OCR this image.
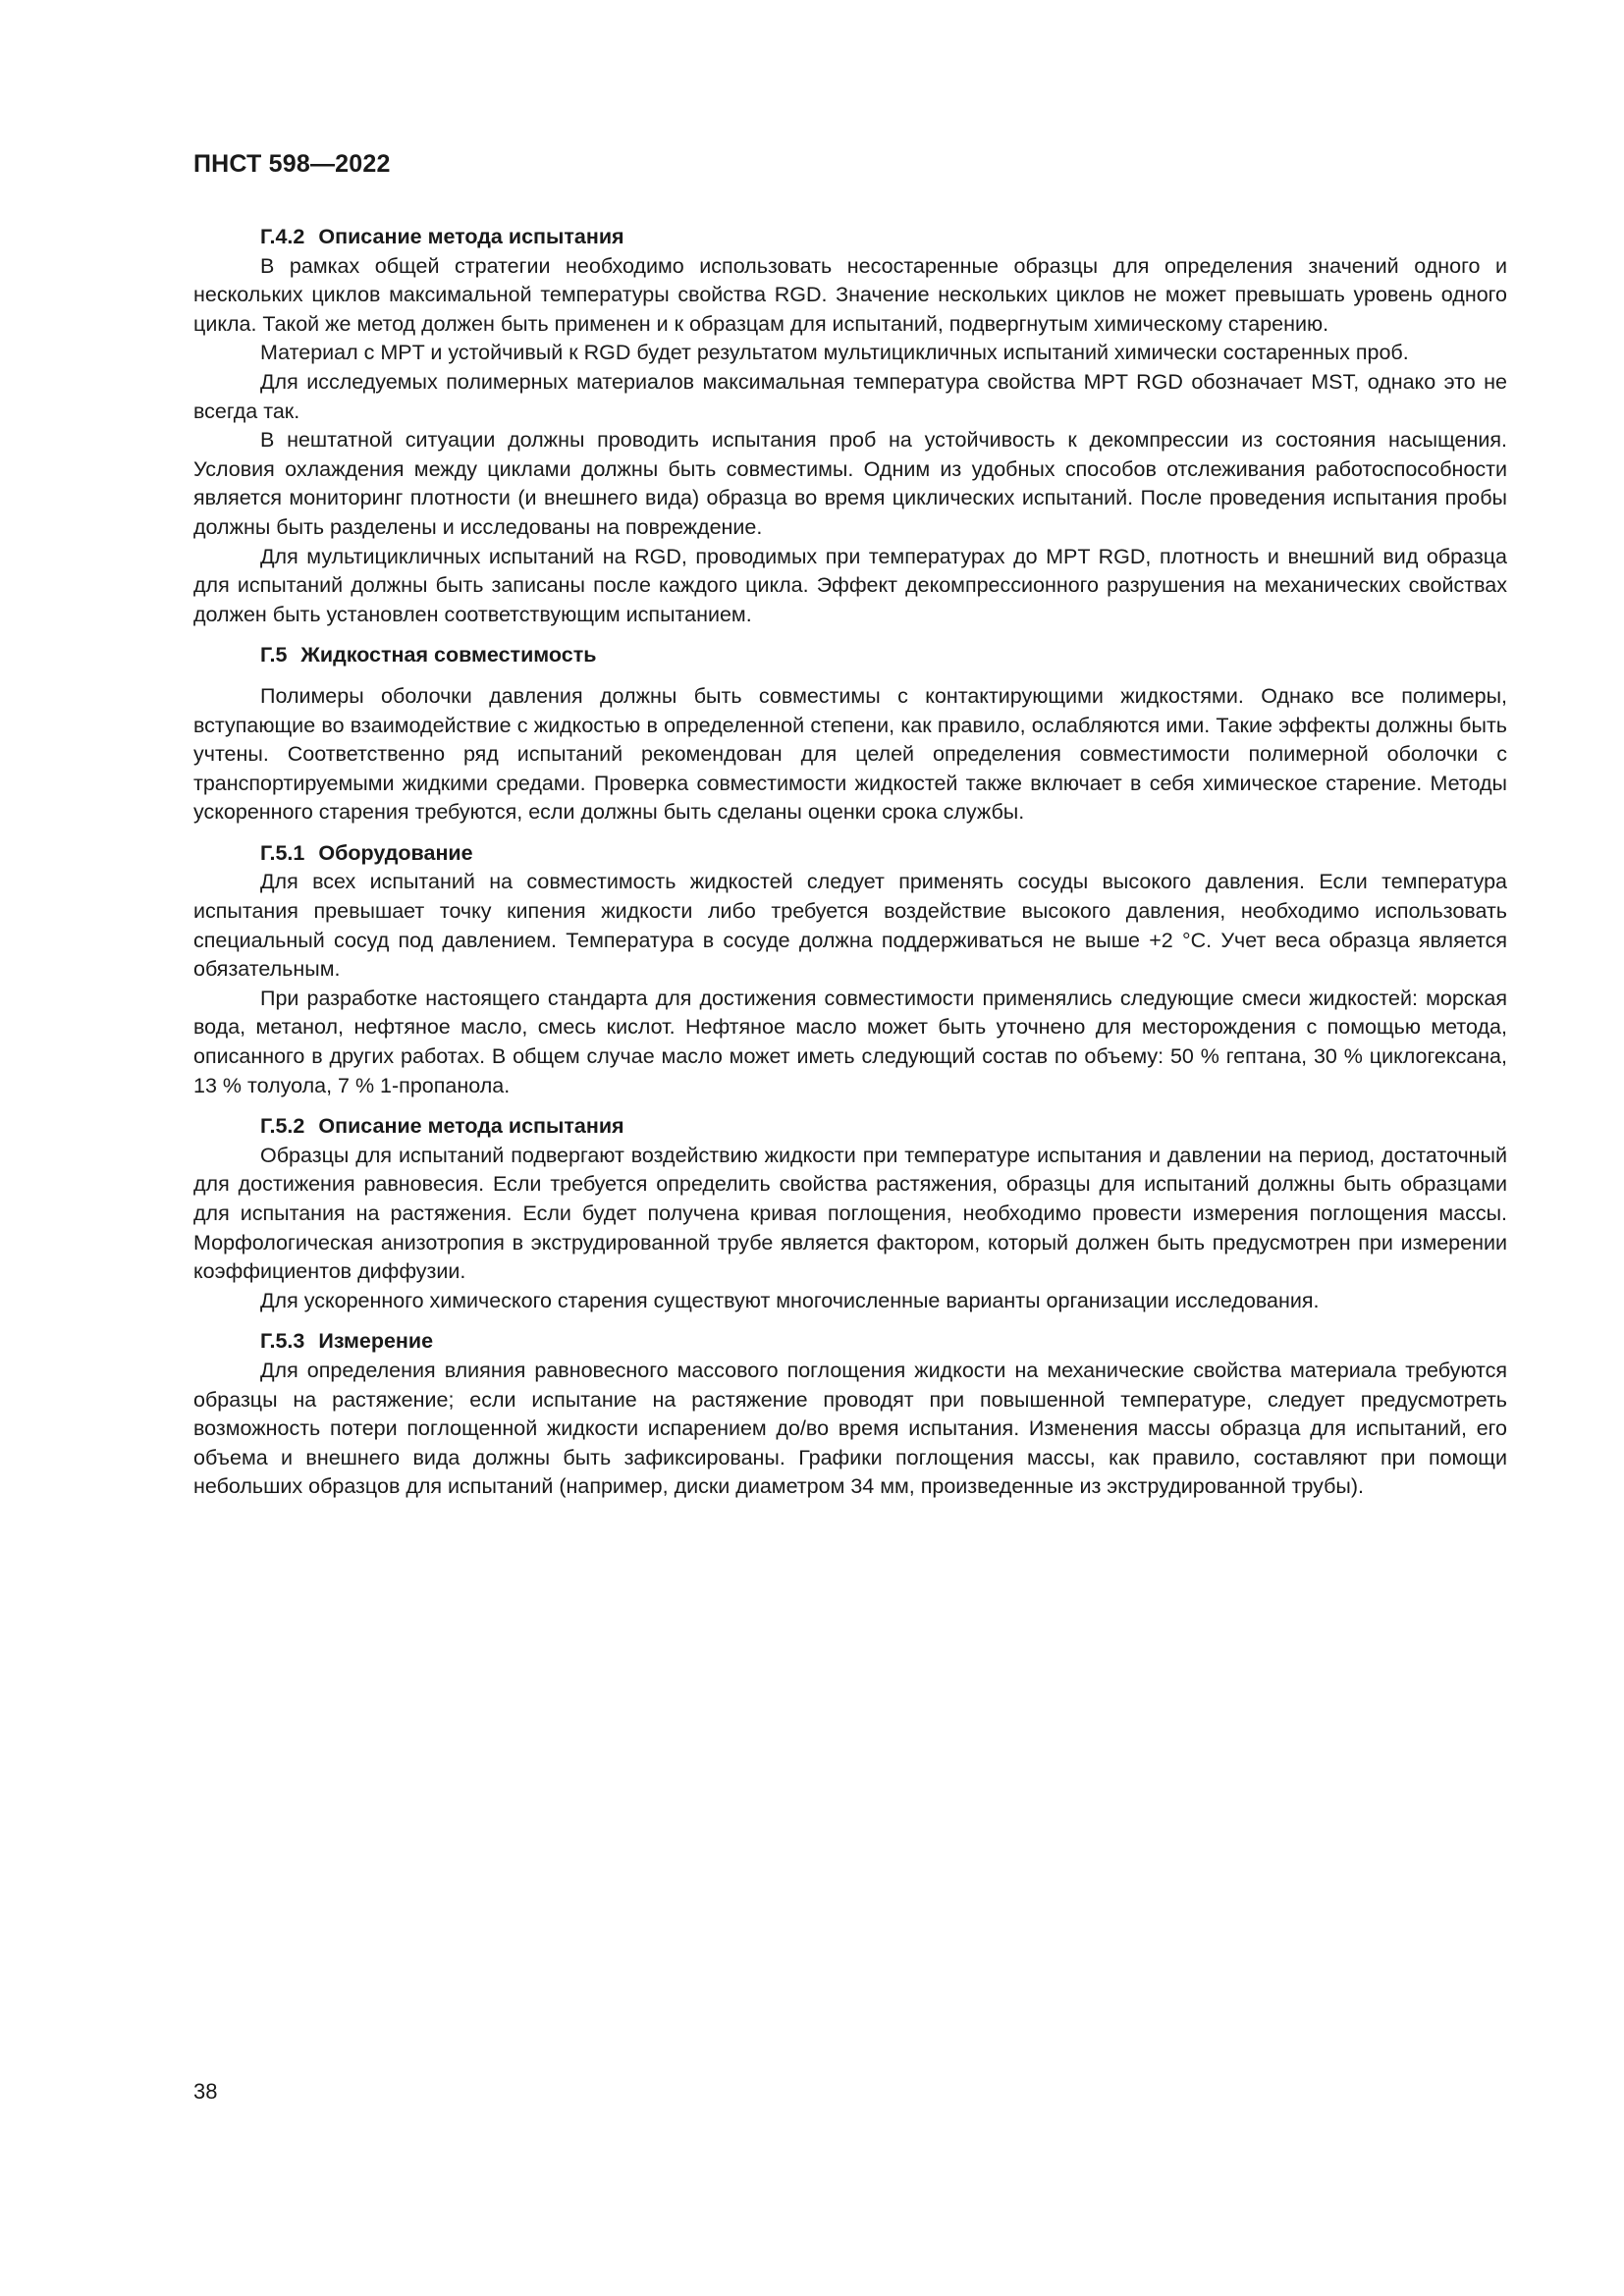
ПНСТ 598—2022

Г.4.2 Описание метода испытания

В рамках общей стратегии необходимо использовать несостаренные образцы для определения значений одного и нескольких циклов максимальной температуры свойства RGD. Значение нескольких циклов не может превышать уровень одного цикла. Такой же метод должен быть применен и к образцам для испытаний, подвергнутым химическому старению.

Материал с MPT и устойчивый к RGD будет результатом мультицикличных испытаний химически состаренных проб.

Для исследуемых полимерных материалов максимальная температура свойства MPT RGD обозначает MST, однако это не всегда так.

В нештатной ситуации должны проводить испытания проб на устойчивость к декомпрессии из состояния насыщения. Условия охлаждения между циклами должны быть совместимы. Одним из удобных способов отслеживания работоспособности является мониторинг плотности (и внешнего вида) образца во время циклических испытаний. После проведения испытания пробы должны быть разделены и исследованы на повреждение.

Для мультицикличных испытаний на RGD, проводимых при температурах до MPT RGD, плотность и внешний вид образца для испытаний должны быть записаны после каждого цикла. Эффект декомпрессионного разрушения на механических свойствах должен быть установлен соответствующим испытанием.

Г.5 Жидкостная совместимость

Полимеры оболочки давления должны быть совместимы с контактирующими жидкостями. Однако все полимеры, вступающие во взаимодействие с жидкостью в определенной степени, как правило, ослабляются ими. Такие эффекты должны быть учтены. Соответственно ряд испытаний рекомендован для целей определения совместимости полимерной оболочки с транспортируемыми жидкими средами. Проверка совместимости жидкостей также включает в себя химическое старение. Методы ускоренного старения требуются, если должны быть сделаны оценки срока службы.

Г.5.1 Оборудование

Для всех испытаний на совместимость жидкостей следует применять сосуды высокого давления. Если температура испытания превышает точку кипения жидкости либо требуется воздействие высокого давления, необходимо использовать специальный сосуд под давлением. Температура в сосуде должна поддерживаться не выше +2 °С. Учет веса образца является обязательным.

При разработке настоящего стандарта для достижения совместимости применялись следующие смеси жидкостей: морская вода, метанол, нефтяное масло, смесь кислот. Нефтяное масло может быть уточнено для месторождения с помощью метода, описанного в других работах. В общем случае масло может иметь следующий состав по объему: 50 % гептана, 30 % циклогексана, 13 % толуола, 7 % 1-пропанола.

Г.5.2 Описание метода испытания

Образцы для испытаний подвергают воздействию жидкости при температуре испытания и давлении на период, достаточный для достижения равновесия. Если требуется определить свойства растяжения, образцы для испытаний должны быть образцами для испытания на растяжения. Если будет получена кривая поглощения, необходимо провести измерения поглощения массы. Морфологическая анизотропия в экструдированной трубе является фактором, который должен быть предусмотрен при измерении коэффициентов диффузии.

Для ускоренного химического старения существуют многочисленные варианты организации исследования.

Г.5.3 Измерение

Для определения влияния равновесного массового поглощения жидкости на механические свойства материала требуются образцы на растяжение; если испытание на растяжение проводят при повышенной температуре, следует предусмотреть возможность потери поглощенной жидкости испарением до/во время испытания. Изменения массы образца для испытаний, его объема и внешнего вида должны быть зафиксированы. Графики поглощения массы, как правило, составляют при помощи небольших образцов для испытаний (например, диски диаметром 34 мм, произведенные из экструдированной трубы).

38
